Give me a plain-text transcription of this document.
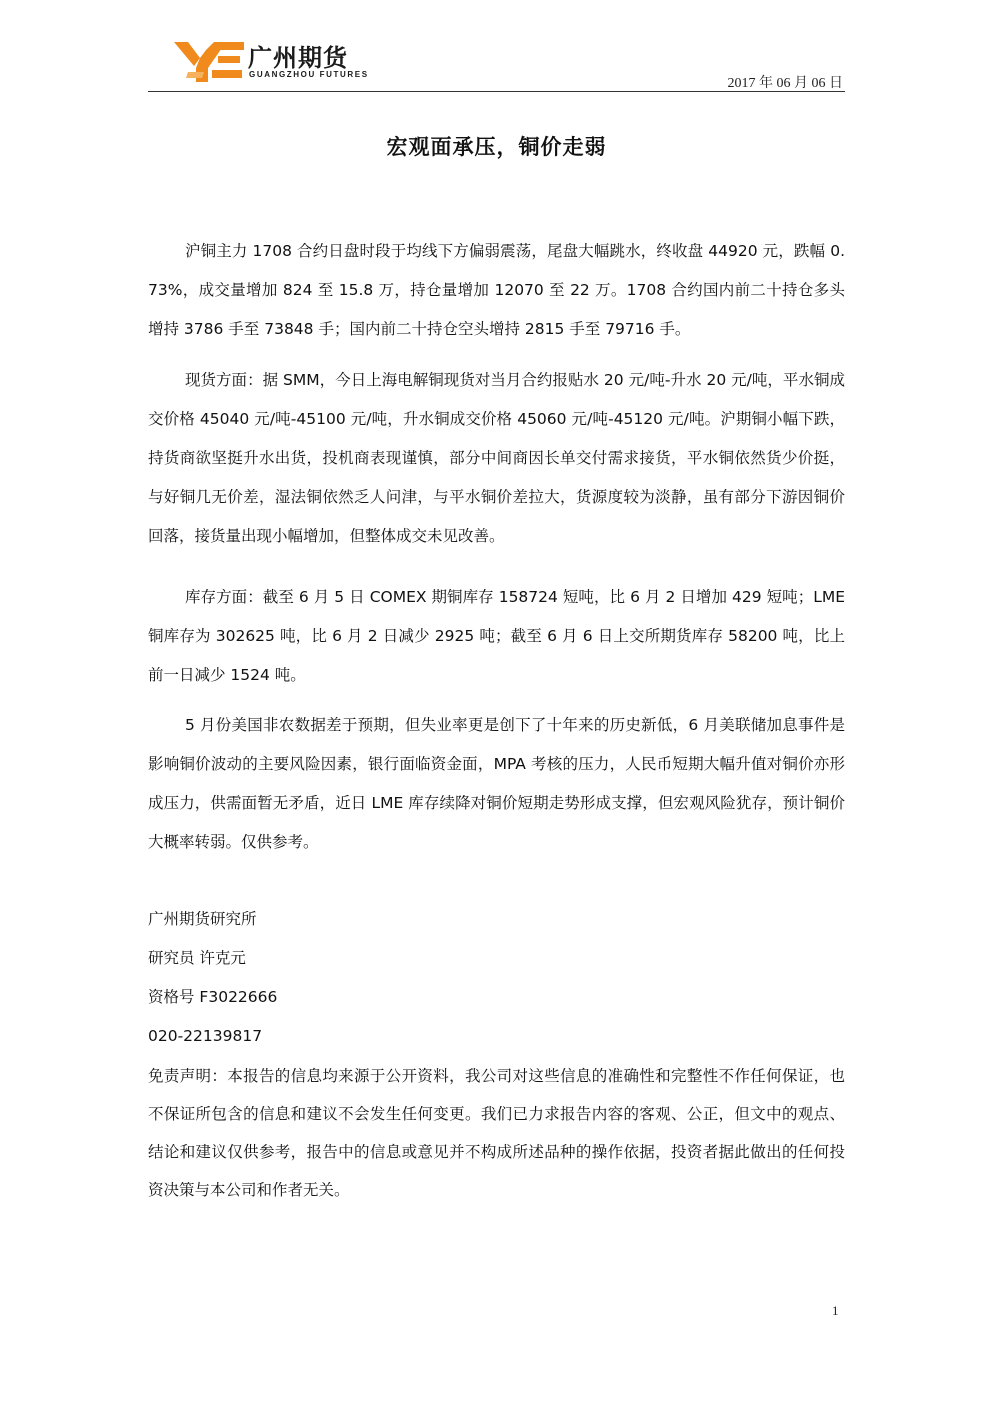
广州期货
GUANGZHOU FUTURES
2017 年 06 月 06 日
宏观面承压，铜价走弱

沪铜主力 1708 合约日盘时段于均线下方偏弱震荡，尾盘大幅跳水，终收盘 44920 元，跌幅 0.73%，成交量增加 824 至 15.8 万，持仓量增加 12070 至 22 万。1708 合约国内前二十持仓多头增持 3786 手至 73848 手；国内前二十持仓空头增持 2815 手至 79716 手。

现货方面：据 SMM，今日上海电解铜现货对当月合约报贴水 20 元/吨-升水 20 元/吨，平水铜成交价格 45040 元/吨-45100 元/吨，升水铜成交价格 45060 元/吨-45120 元/吨。沪期铜小幅下跌，持货商欲坚挺升水出货，投机商表现谨慎，部分中间商因长单交付需求接货，平水铜依然货少价挺，与好铜几无价差，湿法铜依然乏人问津，与平水铜价差拉大，货源度较为淡静，虽有部分下游因铜价回落，接货量出现小幅增加，但整体成交未见改善。

库存方面：截至 6 月 5 日 COMEX 期铜库存 158724 短吨，比 6 月 2 日增加 429 短吨；LME 铜库存为 302625 吨，比 6 月 2 日减少 2925 吨；截至 6 月 6 日上交所期货库存 58200 吨，比上前一日减少 1524 吨。

5 月份美国非农数据差于预期，但失业率更是创下了十年来的历史新低，6 月美联储加息事件是影响铜价波动的主要风险因素，银行面临资金面，MPA 考核的压力，人民币短期大幅升值对铜价亦形成压力，供需面暂无矛盾，近日 LME 库存续降对铜价短期走势形成支撑，但宏观风险犹存，预计铜价大概率转弱。仅供参考。

广州期货研究所

研究员 许克元

资格号 F3022666

020-22139817

免责声明：本报告的信息均来源于公开资料，我公司对这些信息的准确性和完整性不作任何保证，也不保证所包含的信息和建议不会发生任何变更。我们已力求报告内容的客观、公正，但文中的观点、结论和建议仅供参考，报告中的信息或意见并不构成所述品种的操作依据，投资者据此做出的任何投资决策与本公司和作者无关。

1
